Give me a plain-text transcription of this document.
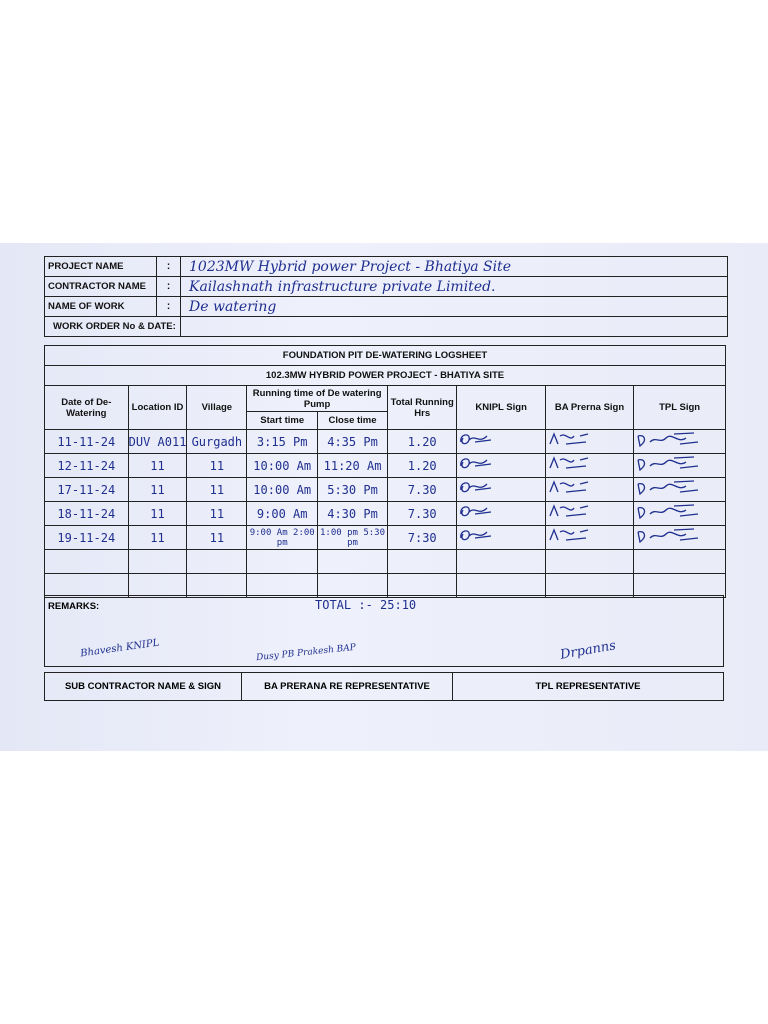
PROJECT NAME	:	1023MW Hybrid power Project - Bhatiya Site
CONTRACTOR NAME	:	Kailashnath infrastructure private Limited.
NAME OF WORK	:	De watering
WORK ORDER No & DATE:		
FOUNDATION PIT DE-WATERING LOGSHEET								
102.3MW HYBRID POWER PROJECT - BHATIYA SITE								
Date of De-Watering	Location ID	Village	Running time of De watering Pump		Total Running Hrs	KNIPL Sign	BA Prerna Sign	TPL Sign
			Start time	Close time				
11-11-24	DUV A011	Gurgadh	3:15 Pm	4:35 Pm	1.20			
12-11-24	11	11	10:00 Am	11:20 Am	1.20			
17-11-24	11	11	10:00 Am	5:30 Pm	7.30			
18-11-24	11	11	9:00 Am	4:30 Pm	7.30			
19-11-24	11	11	9:00 Am 2:00 pm	1:00 pm 5:30 pm	7:30			

REMARKS:	TOTAL :- 25:10
Bhavesh KNIPL	Dusy PB Prakesh BAP	Drpanns
SUB CONTRACTOR NAME & SIGN	BA PRERANA RE REPRESENTATIVE	TPL REPRESENTATIVE
